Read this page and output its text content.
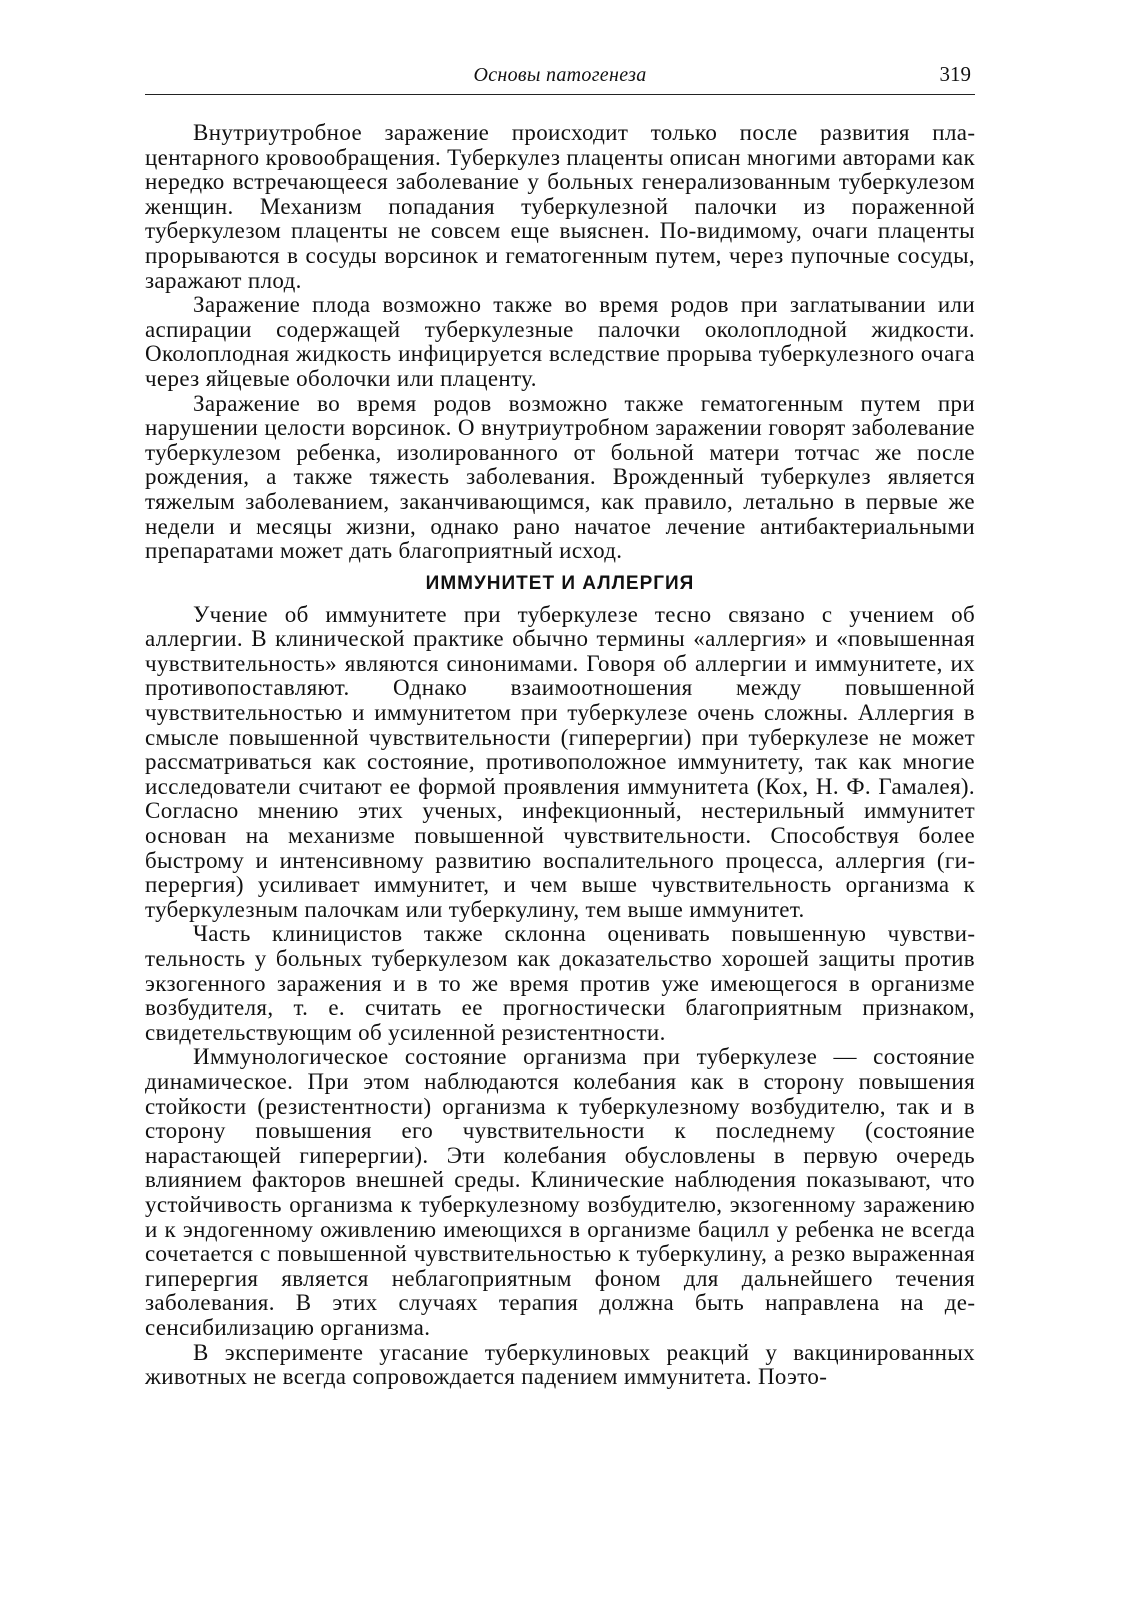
Основы патогенеза	319

Внутриутробное заражение происходит только после развития плацентарного кровообращения. Туберкулез плаценты описан многими авторами как нередко встречающееся заболевание у больных генерализованным туберкулезом женщин. Механизм попадания туберкулезной палочки из пораженной туберкулезом плаценты не совсем еще выяснен. По-видимому, очаги плаценты прорываются в сосуды ворсинок и гематогенным путем, через пупочные сосуды, заражают плод.

Заражение плода возможно также во время родов при заглатывании или аспирации содержащей туберкулезные палочки околоплодной жидкости. Околоплодная жидкость инфицируется вследствие прорыва туберкулезного очага через яйцевые оболочки или плаценту.

Заражение во время родов возможно также гематогенным путем при нарушении целости ворсинок. О внутриутробном заражении говорят заболевание туберкулезом ребенка, изолированного от больной матери тотчас же после рождения, а также тяжесть заболевания. Врожденный туберкулез является тяжелым заболеванием, заканчивающимся, как правило, летально в первые же недели и месяцы жизни, однако рано начатое лечение антибактериальными препаратами может дать благоприятный исход.

ИММУНИТЕТ И АЛЛЕРГИЯ

Учение об иммунитете при туберкулезе тесно связано с учением об аллергии. В клинической практике обычно термины «аллергия» и «повышенная чувствительность» являются синонимами. Говоря об аллергии и иммунитете, их противопоставляют. Однако взаимоотношения между повышенной чувствительностью и иммунитетом при туберкулезе очень сложны. Аллергия в смысле повышенной чувствительности (гиперергии) при туберкулезе не может рассматриваться как состояние, противоположное иммунитету, так как многие исследователи считают ее формой проявления иммунитета (Кох, Н. Ф. Гамалея). Согласно мнению этих ученых, инфекционный, нестерильный иммунитет основан на механизме повышенной чувствительности. Способствуя более быстрому и интенсивному развитию воспалительного процесса, аллергия (гиперергия) усиливает иммунитет, и чем выше чувствительность организма к туберкулезным палочкам или туберкулину, тем выше иммунитет.

Часть клиницистов также склонна оценивать повышенную чувствительность у больных туберкулезом как доказательство хорошей защиты против экзогенного заражения и в то же время против уже имеющегося в организме возбудителя, т. е. считать ее прогностически благоприятным признаком, свидетельствующим об усиленной резистентности.

Иммунологическое состояние организма при туберкулезе — состояние динамическое. При этом наблюдаются колебания как в сторону повышения стойкости (резистентности) организма к туберкулезному возбудителю, так и в сторону повышения его чувствительности к последнему (состояние нарастающей гиперергии). Эти колебания обусловлены в первую очередь влиянием факторов внешней среды. Клинические наблюдения показывают, что устойчивость организма к туберкулезному возбудителю, экзогенному заражению и к эндогенному оживлению имеющихся в организме бацилл у ребенка не всегда сочетается с повышенной чувствительностью к туберкулину, а резко выраженная гиперергия является неблагоприятным фоном для дальнейшего течения заболевания. В этих случаях терапия должна быть направлена на десенсибилизацию организма.

В эксперименте угасание туберкулиновых реакций у вакцинированных животных не всегда сопровождается падением иммунитета. Поэто-
